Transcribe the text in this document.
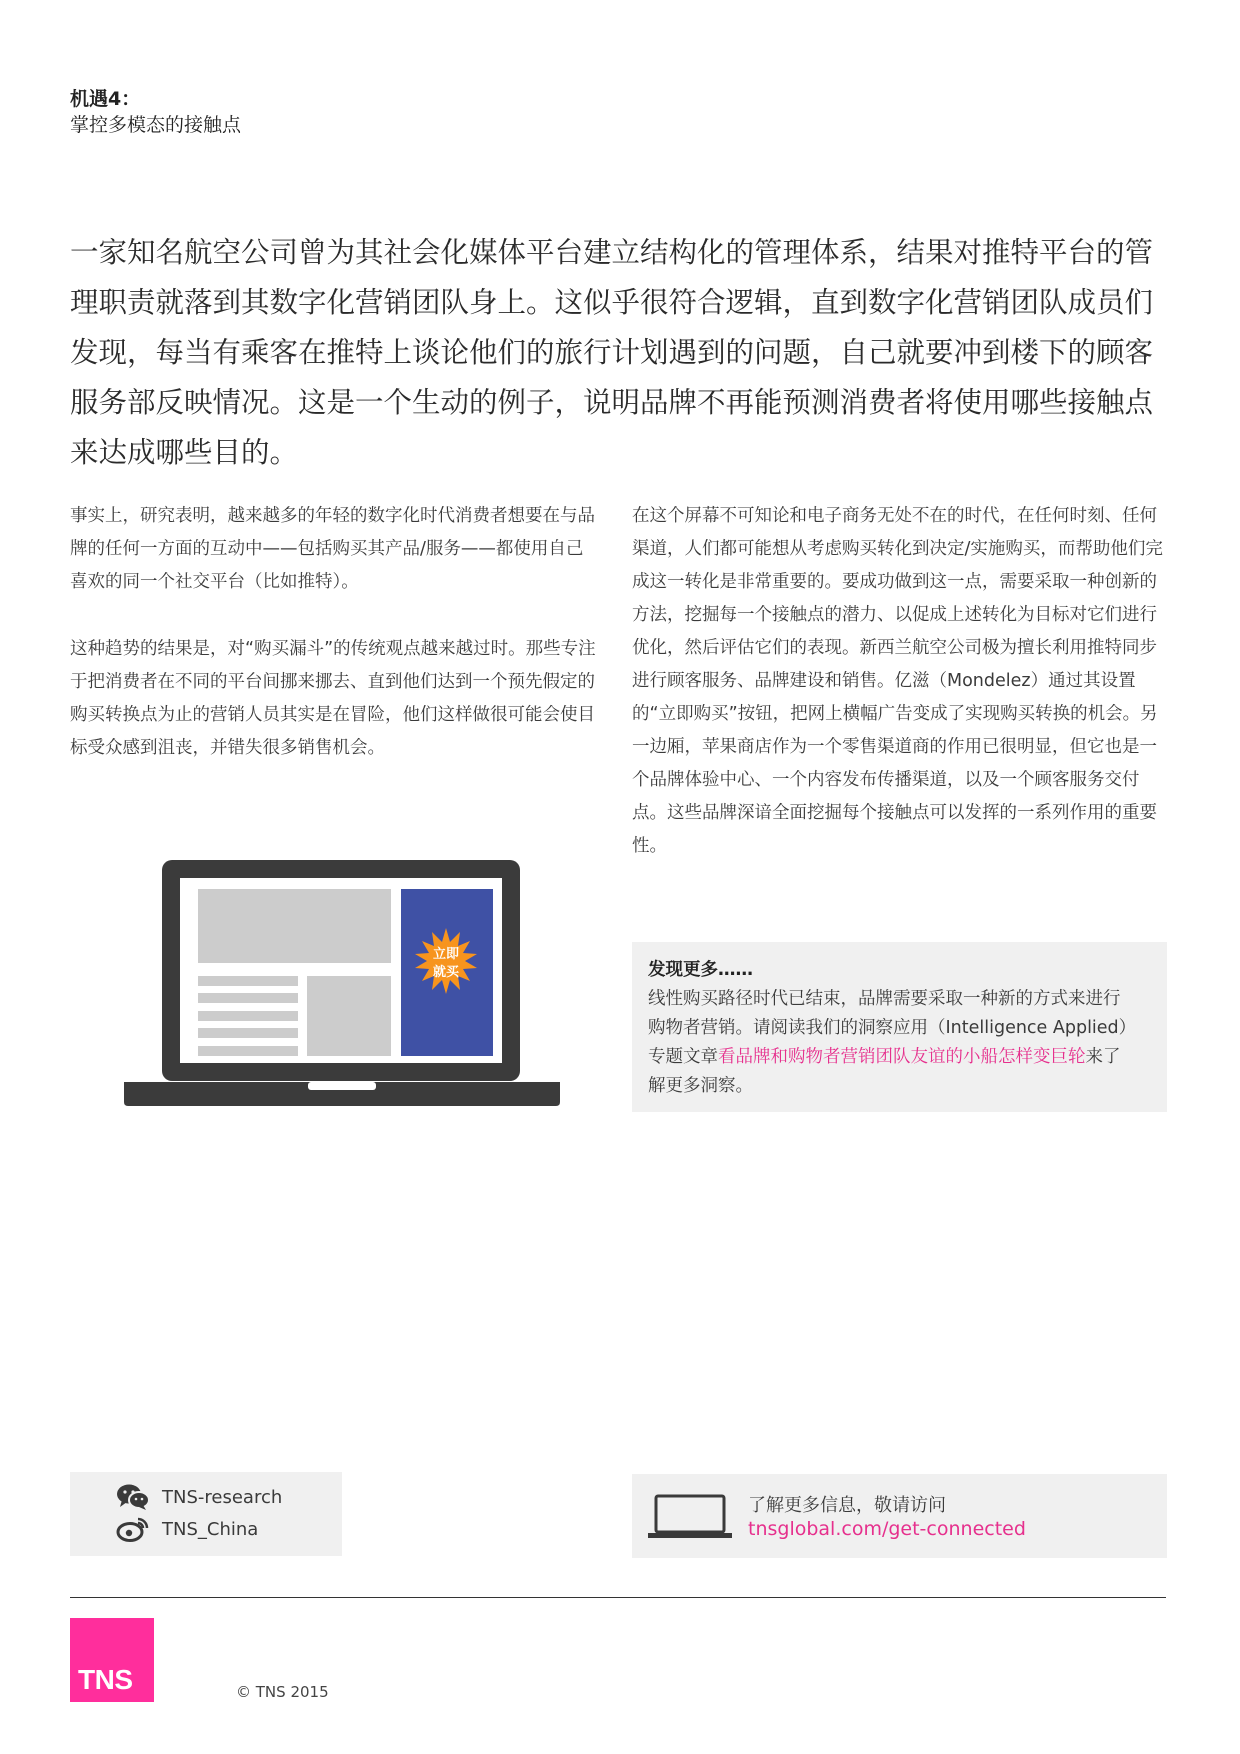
机遇4：
掌控多模态的接触点

一家知名航空公司曾为其社会化媒体平台建立结构化的管理体系，结果对推特平台的管理职责就落到其数字化营销团队身上。这似乎很符合逻辑，直到数字化营销团队成员们发现，每当有乘客在推特上谈论他们的旅行计划遇到的问题，自己就要冲到楼下的顾客服务部反映情况。这是一个生动的例子，说明品牌不再能预测消费者将使用哪些接触点来达成哪些目的。

事实上，研究表明，越来越多的年轻的数字化时代消费者想要在与品牌的任何一方面的互动中——包括购买其产品/服务——都使用自己喜欢的同一个社交平台（比如推特）。

这种趋势的结果是，对“购买漏斗”的传统观点越来越过时。那些专注于把消费者在不同的平台间挪来挪去、直到他们达到一个预先假定的购买转换点为止的营销人员其实是在冒险，他们这样做很可能会使目标受众感到沮丧，并错失很多销售机会。

在这个屏幕不可知论和电子商务无处不在的时代，在任何时刻、任何渠道，人们都可能想从考虑购买转化到决定/实施购买，而帮助他们完成这一转化是非常重要的。要成功做到这一点，需要采取一种创新的方法，挖掘每一个接触点的潜力、以促成上述转化为目标对它们进行优化，然后评估它们的表现。新西兰航空公司极为擅长利用推特同步进行顾客服务、品牌建设和销售。亿滋（Mondelez）通过其设置的“立即购买”按钮，把网上横幅广告变成了实现购买转换的机会。另一边厢，苹果商店作为一个零售渠道商的作用已很明显，但它也是一个品牌体验中心、一个内容发布传播渠道，以及一个顾客服务交付点。这些品牌深谙全面挖掘每个接触点可以发挥的一系列作用的重要性。

立即
就买	发现更多……
线性购买路径时代已结束，品牌需要采取一种新的方式来进行购物者营销。请阅读我们的洞察应用（Intelligence Applied）专题文章看品牌和购物者营销团队友谊的小船怎样变巨轮来了解更多洞察。
TNS-research
TNS_China
了解更多信息，敬请访问
tnsglobal.com/get-connected
TNS	© TNS 2015
